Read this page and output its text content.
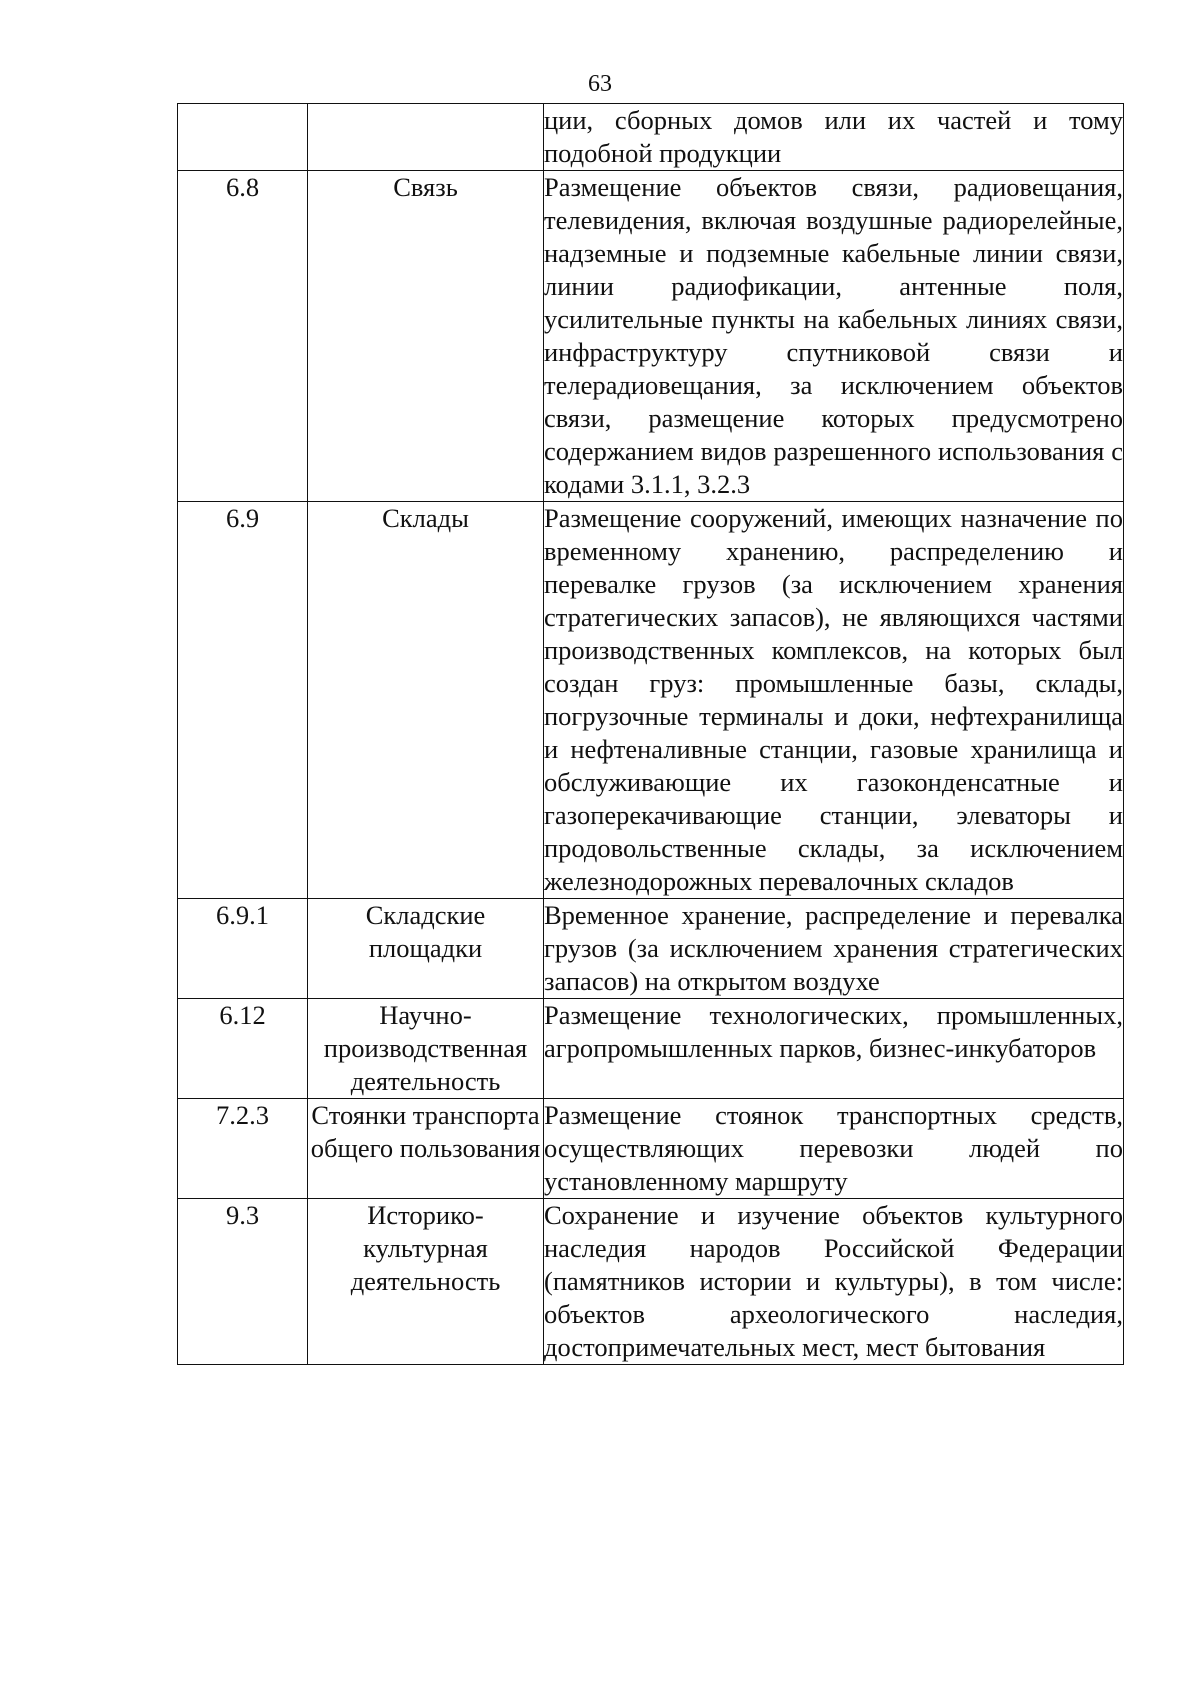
63
		ции, сборных домов или их частей и тому подобной продукции
6.8	Связь	Размещение объектов связи, радиовещания, телевидения, включая воздушные радиорелейные, надземные и подземные кабельные линии связи, линии радиофикации, антенные поля, усилительные пункты на кабельных линиях связи, инфраструктуру спутниковой связи и телерадиовещания, за исключением объектов связи, размещение которых предусмотрено содержанием видов разрешенного использования с кодами 3.1.1, 3.2.3
6.9	Склады	Размещение сооружений, имеющих назначение по временному хранению, распределению и перевалке грузов (за исключением хранения стратегических запасов), не являющихся частями производственных комплексов, на которых был создан груз: промышленные базы, склады, погрузочные терминалы и доки, нефтехранилища и нефтеналивные станции, газовые хранилища и обслуживающие их газоконденсатные и газоперекачивающие станции, элеваторы и продовольственные склады, за исключением железнодорожных перевалочных складов
6.9.1	Складские площадки	Временное хранение, распределение и перевалка грузов (за исключением хранения стратегических запасов) на открытом воздухе
6.12	Научно-производственная деятельность	Размещение технологических, промышленных, агропромышленных парков, бизнес-инкубаторов
7.2.3	Стоянки транспорта общего пользования	Размещение стоянок транспортных средств, осуществляющих перевозки людей по установленному маршруту
9.3	Историко-культурная деятельность	Сохранение и изучение объектов культурного наследия народов Российской Федерации (памятников истории и культуры), в том числе: объектов археологического наследия, достопримечательных мест, мест бытования
